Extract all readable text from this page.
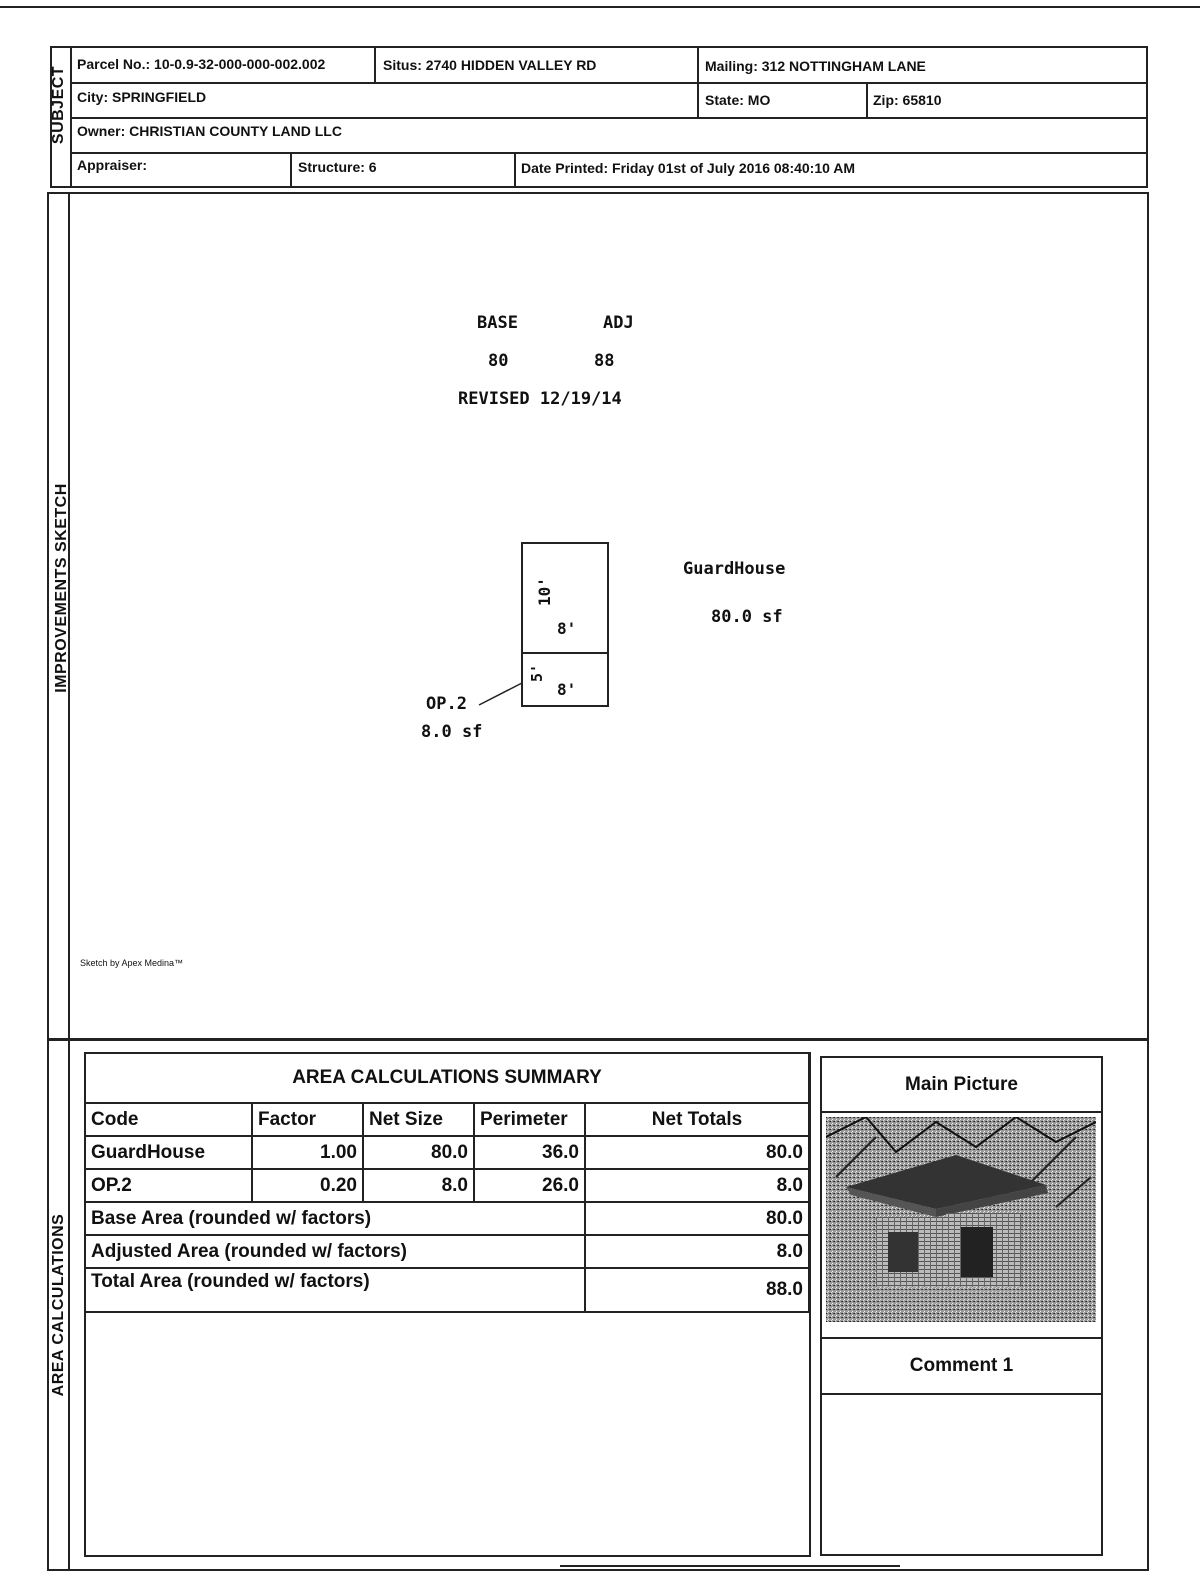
SUBJECT
Parcel No.: 10-0.9-32-000-000-002.002	Situs: 2740 HIDDEN VALLEY RD	Mailing: 312 NOTTINGHAM LANE
City: SPRINGFIELD	State: MO	Zip: 65810
Owner: CHRISTIAN COUNTY LAND LLC
Appraiser:	Structure: 6	Date Printed: Friday 01st of July 2016 08:40:10 AM
IMPROVEMENTS SKETCH
BASE	ADJ
80	88
REVISED 12/19/14
10'
8'
5'
8'
OP.2
8.0 sf
GuardHouse
80.0 sf
Sketch by Apex Medina™
AREA CALCULATIONS
AREA CALCULATIONS SUMMARY				
Code	Factor	Net Size	Perimeter	Net Totals
GuardHouse	1.00	80.0	36.0	80.0
OP.2	0.20	8.0	26.0	8.0
Base Area (rounded w/ factors)				80.0
Adjusted Area (rounded w/ factors)				8.0
Total Area (rounded w/ factors)				88.0
Main Picture
Comment 1
